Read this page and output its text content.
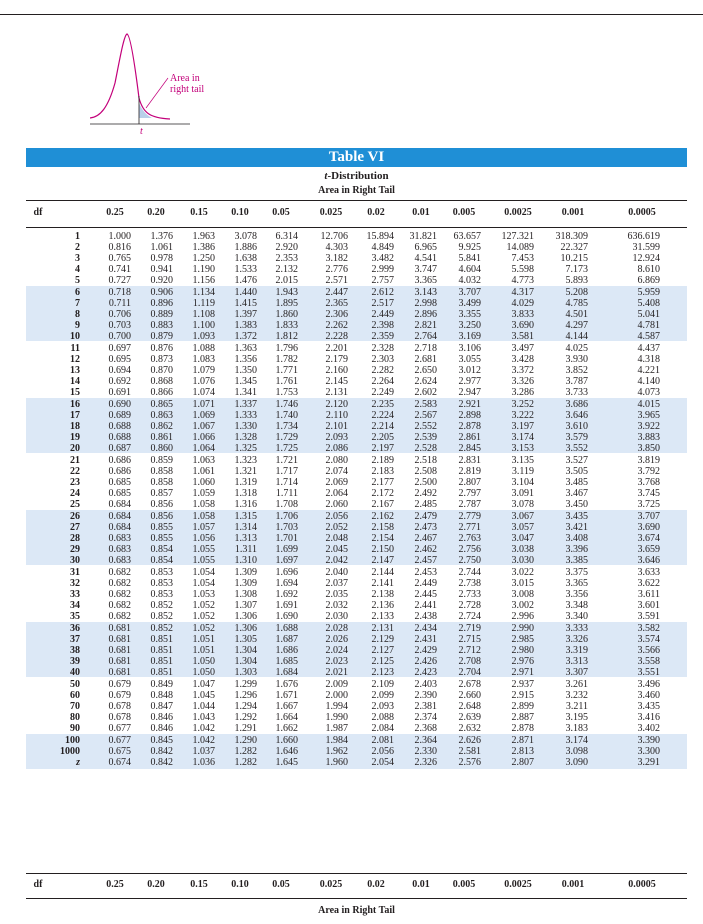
Area in
right tail
t
Table VI
t-Distribution
Area in Right Tail
df	0.25	0.20	0.15	0.10	0.05	0.025	0.02	0.01	0.005	0.0025	0.001	0.0005
1	1.000 1.376 1.963 3.078 6.314 12.706 15.894 31.821 63.657 127.321 318.309	636.619
2	0.816 1.061 1.386 1.886 2.920	4.303 4.849 6.965 9.925	14.089	22.327	31.599
3	0.765 0.978 1.250 1.638 2.353	3.182 3.482 4.541 5.841	7.453	10.215	12.924
4	0.741 0.941 1.190 1.533 2.132	2.776 2.999 3.747 4.604	5.598	7.173	8.610
5	0.727 0.920 1.156 1.476 2.015	2.571 2.757 3.365 4.032	4.773	5.893	6.869
6	0.718 0.906 1.134 1.440 1.943	2.447 2.612 3.143 3.707	4.317	5.208	5.959
7	0.711 0.896 1.119 1.415 1.895	2.365 2.517 2.998 3.499	4.029	4.785	5.408
8	0.706 0.889 1.108 1.397 1.860	2.306 2.449 2.896 3.355	3.833	4.501	5.041
9	0.703 0.883 1.100 1.383 1.833	2.262 2.398 2.821 3.250	3.690	4.297	4.781
10	0.700 0.879 1.093 1.372 1.812	2.228 2.359 2.764 3.169	3.581	4.144	4.587
11	0.697 0.876 1.088 1.363 1.796	2.201 2.328 2.718 3.106	3.497	4.025	4.437
12	0.695 0.873 1.083 1.356 1.782	2.179 2.303 2.681 3.055	3.428	3.930	4.318
13	0.694 0.870 1.079 1.350 1.771	2.160 2.282 2.650 3.012	3.372	3.852	4.221
14	0.692 0.868 1.076 1.345 1.761	2.145 2.264 2.624 2.977	3.326	3.787	4.140
15	0.691 0.866 1.074 1.341 1.753	2.131 2.249 2.602 2.947	3.286	3.733	4.073
16	0.690 0.865 1.071 1.337 1.746	2.120 2.235 2.583 2.921	3.252	3.686	4.015
17	0.689 0.863 1.069 1.333 1.740	2.110 2.224 2.567 2.898	3.222	3.646	3.965
18	0.688 0.862 1.067 1.330 1.734	2.101 2.214 2.552 2.878	3.197	3.610	3.922
19	0.688 0.861 1.066 1.328 1.729	2.093 2.205 2.539 2.861	3.174	3.579	3.883
20	0.687 0.860 1.064 1.325 1.725	2.086 2.197 2.528 2.845	3.153	3.552	3.850
21	0.686 0.859 1.063 1.323 1.721	2.080 2.189 2.518 2.831	3.135	3.527	3.819
22	0.686 0.858 1.061 1.321 1.717	2.074 2.183 2.508 2.819	3.119	3.505	3.792
23	0.685 0.858 1.060 1.319 1.714	2.069 2.177 2.500 2.807	3.104	3.485	3.768
24	0.685 0.857 1.059 1.318 1.711	2.064 2.172 2.492 2.797	3.091	3.467	3.745
25	0.684 0.856 1.058 1.316 1.708	2.060 2.167 2.485 2.787	3.078	3.450	3.725
26	0.684 0.856 1.058 1.315 1.706	2.056 2.162 2.479 2.779	3.067	3.435	3.707
27	0.684 0.855 1.057 1.314 1.703	2.052 2.158 2.473 2.771	3.057	3.421	3.690
28	0.683 0.855 1.056 1.313 1.701	2.048 2.154 2.467 2.763	3.047	3.408	3.674
29	0.683 0.854 1.055 1.311 1.699	2.045 2.150 2.462 2.756	3.038	3.396	3.659
30	0.683 0.854 1.055 1.310 1.697	2.042 2.147 2.457 2.750	3.030	3.385	3.646
31	0.682 0.853 1.054 1.309 1.696	2.040 2.144 2.453 2.744	3.022	3.375	3.633
32	0.682 0.853 1.054 1.309 1.694	2.037 2.141 2.449 2.738	3.015	3.365	3.622
33	0.682 0.853 1.053 1.308 1.692	2.035 2.138 2.445 2.733	3.008	3.356	3.611
34	0.682 0.852 1.052 1.307 1.691	2.032 2.136 2.441 2.728	3.002	3.348	3.601
35	0.682 0.852 1.052 1.306 1.690	2.030 2.133 2.438 2.724	2.996	3.340	3.591
36	0.681 0.852 1.052 1.306 1.688	2.028 2.131 2.434 2.719	2.990	3.333	3.582
37	0.681 0.851 1.051 1.305 1.687	2.026 2.129 2.431 2.715	2.985	3.326	3.574
38	0.681 0.851 1.051 1.304 1.686	2.024 2.127 2.429 2.712	2.980	3.319	3.566
39	0.681 0.851 1.050 1.304 1.685	2.023 2.125 2.426 2.708	2.976	3.313	3.558
40	0.681 0.851 1.050 1.303 1.684	2.021 2.123 2.423 2.704	2.971	3.307	3.551
50	0.679 0.849 1.047 1.299 1.676	2.009 2.109 2.403 2.678	2.937	3.261	3.496
60	0.679 0.848 1.045 1.296 1.671	2.000 2.099 2.390 2.660	2.915	3.232	3.460
70	0.678 0.847 1.044 1.294 1.667	1.994 2.093 2.381 2.648	2.899	3.211	3.435
80	0.678 0.846 1.043 1.292 1.664	1.990 2.088 2.374 2.639	2.887	3.195	3.416
90	0.677 0.846 1.042 1.291 1.662	1.987 2.084 2.368 2.632	2.878	3.183	3.402
100	0.677 0.845 1.042 1.290 1.660	1.984 2.081 2.364 2.626	2.871	3.174	3.390
1000	0.675 0.842 1.037 1.282 1.646	1.962 2.056 2.330 2.581	2.813	3.098	3.300
z	0.674 0.842 1.036 1.282 1.645	1.960 2.054 2.326 2.576	2.807	3.090	3.291
df	0.25	0.20	0.15	0.10	0.05	0.025	0.02	0.01	0.005	0.0025	0.001	0.0005
Area in Right Tail
